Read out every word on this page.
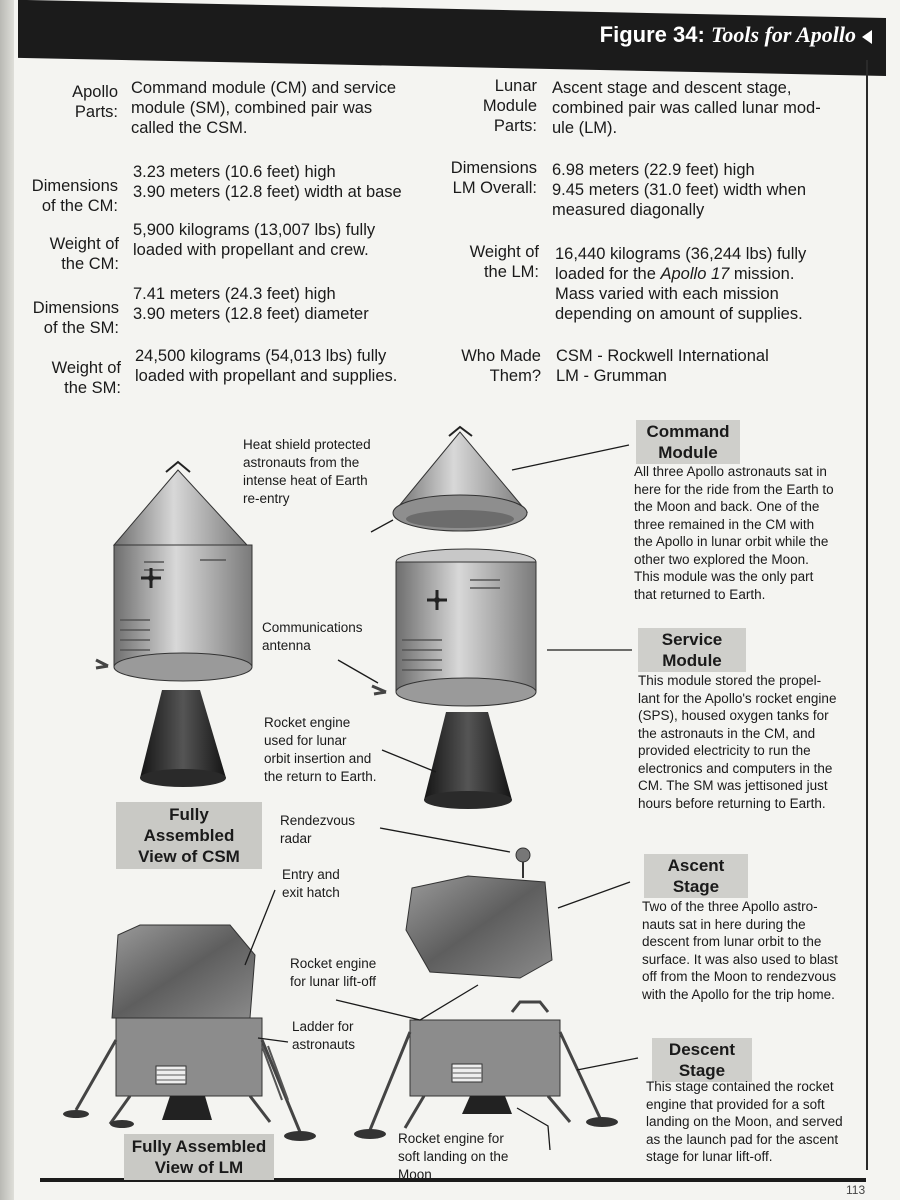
Figure 34: Tools for Apollo
Apollo
Parts:
Command module (CM) and service
module (SM), combined pair was
called the CSM.
Dimensions
of the CM:
3.23 meters (10.6 feet) high
3.90 meters (12.8 feet) width at base
Weight of
the CM:
5,900 kilograms (13,007 lbs) fully
loaded with propellant and crew.
Dimensions
of the SM:
7.41 meters (24.3 feet) high
3.90 meters (12.8 feet) diameter
Weight of
the SM:
24,500 kilograms (54,013 lbs) fully
loaded with propellant and supplies.
Lunar
Module
Parts:
Ascent stage and descent stage,
combined pair was called lunar mod-
ule (LM).
Dimensions
LM Overall:
6.98 meters (22.9 feet) high
9.45 meters (31.0 feet) width when
measured diagonally
Weight of
the LM:
16,440 kilograms (36,244 lbs) fully
loaded for the Apollo 17 mission.
Mass varied with each mission
depending on amount of supplies.
Who Made
Them?
CSM - Rockwell International
LM - Grumman
Command
Module
All three Apollo astronauts sat in
here for the ride from the Earth to
the Moon and back. One of the
three remained in the CM with
the Apollo in lunar orbit while the
other two explored the Moon.
This module was the only part
that returned to Earth.
Service
Module
This module stored the propel-
lant for the Apollo's rocket engine
(SPS), housed oxygen tanks for
the astronauts in the CM, and
provided electricity to run the
electronics and computers in the
CM. The SM was jettisoned just
hours before returning to Earth.
Ascent
Stage
Two of the three Apollo astro-
nauts sat in here during the
descent from lunar orbit to the
surface. It was also used to blast
off from the Moon to rendezvous
with the Apollo for the trip home.
Descent
Stage
This stage contained the rocket
engine that provided for a soft
landing on the Moon, and served
as the launch pad for the ascent
stage for lunar lift-off.
Heat shield protected
astronauts from the
intense heat of Earth
re-entry
Communications
antenna
Rocket engine
used for lunar
orbit insertion and
the return to Earth.
Rendezvous
radar
Entry and
exit hatch
Rocket engine
for lunar lift-off
Ladder for
astronauts
Rocket engine for
soft landing on the
Moon
Fully Assembled
View of CSM
Fully Assembled
View of LM
113
